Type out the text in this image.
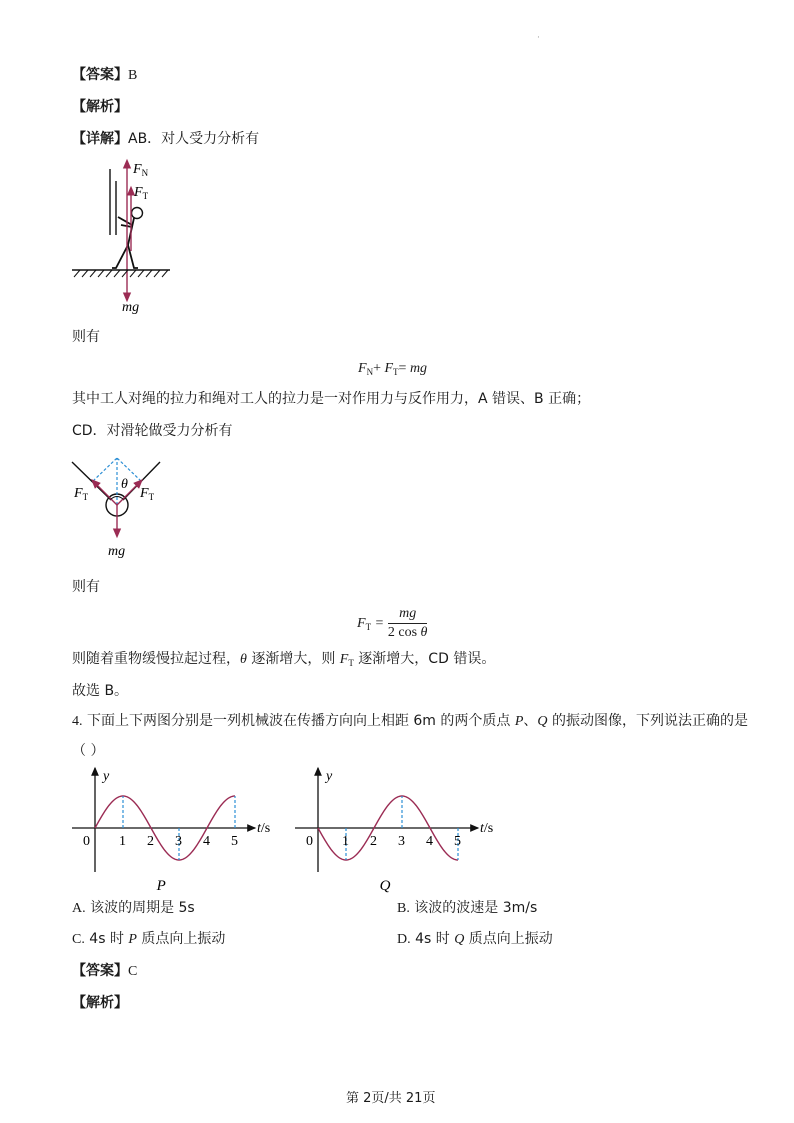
·
【答案】B
【解析】
【详解】AB．对人受力分析有
$F_N$
$F_T$
mg
则有
$F_N+ F_T=$ mg
其中工人对绳的拉力和绳对工人的拉力是一对作用力与反作用力，A 错误、B 正确；
CD．对滑轮做受力分析有
$F_T$
θ
$F_T$
mg
则有
$F_T = \frac{mg}{\text{2 cos θ}}$
则随着重物缓慢拉起过程，θ 逐渐增大，则 $F_T$ 逐渐增大，CD 错误。
故选 B。
4. 下面上下两图分别是一列机械波在传播方向向上相距 6m 的两个质点 P、Q 的振动图像，下列说法正确的是
（ ）
y
t/s
0 1 2 3 4 5
P
y
t/s
0 1 2 3 4 5
Q
A. 该波的周期是 5s	B. 该波的波速是 3m/s
C. 4s 时 P 质点向上振动	D. 4s 时 Q 质点向上振动
【答案】C
【解析】
第 2页/共 21页
